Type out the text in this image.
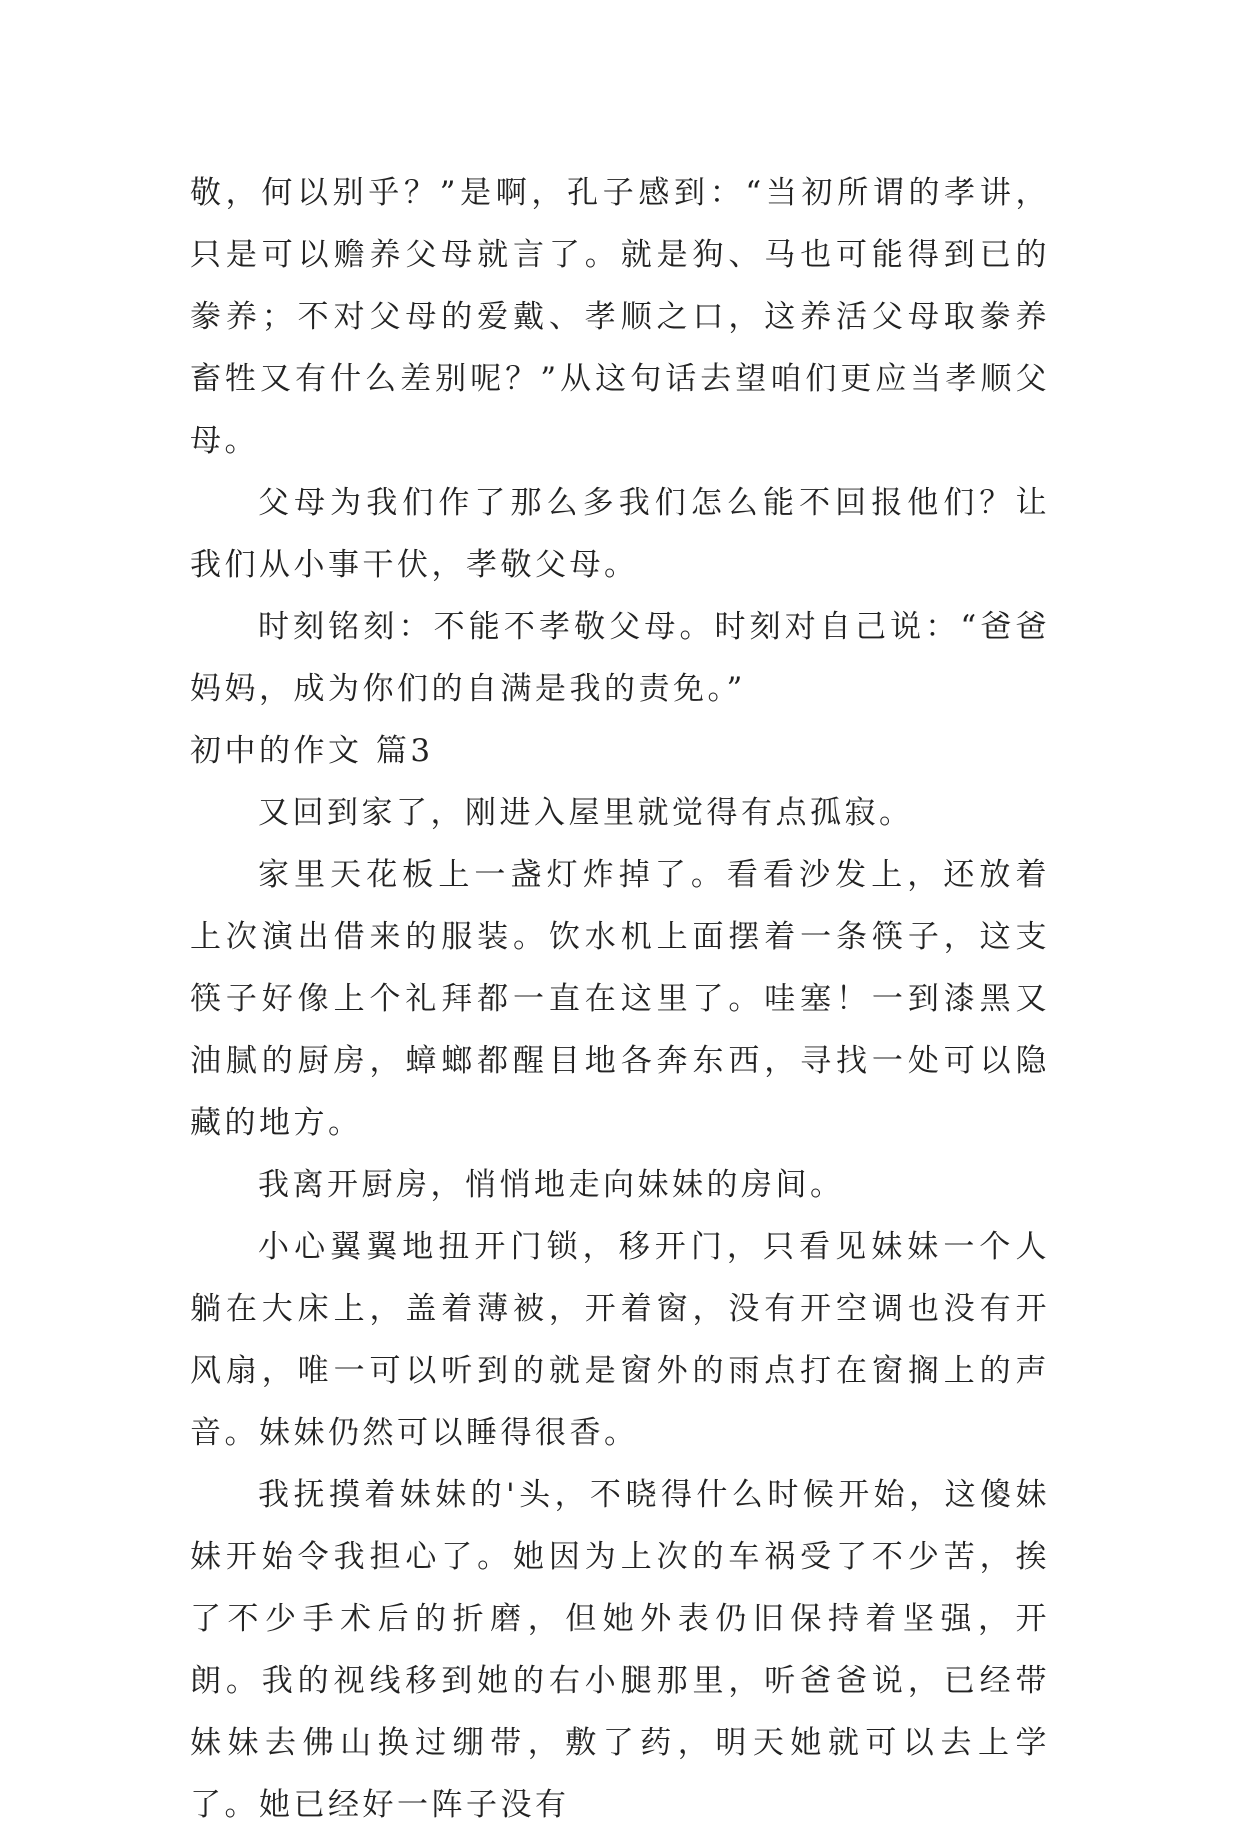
敬，何以别乎？”是啊，孔子感到：“当初所谓的孝讲，只是可以赡养父母就言了。就是狗、马也可能得到已的豢养；不对父母的爱戴、孝顺之口，这养活父母取豢养畜牲又有什么差别呢？”从这句话去望咱们更应当孝顺父母。

父母为我们作了那么多我们怎么能不回报他们？让我们从小事干伏，孝敬父母。

时刻铭刻：不能不孝敬父母。时刻对自己说：“爸爸妈妈，成为你们的自满是我的责免。”

初中的作文 篇3

又回到家了，刚进入屋里就觉得有点孤寂。

家里天花板上一盏灯炸掉了。看看沙发上，还放着上次演出借来的服装。饮水机上面摆着一条筷子，这支筷子好像上个礼拜都一直在这里了。哇塞！一到漆黑又油腻的厨房，蟑螂都醒目地各奔东西，寻找一处可以隐藏的地方。

我离开厨房，悄悄地走向妹妹的房间。

小心翼翼地扭开门锁，移开门，只看见妹妹一个人躺在大床上，盖着薄被，开着窗，没有开空调也没有开风扇，唯一可以听到的就是窗外的雨点打在窗搁上的声音。妹妹仍然可以睡得很香。

我抚摸着妹妹的'头，不晓得什么时候开始，这傻妹妹开始令我担心了。她因为上次的车祸受了不少苦，挨了不少手术后的折磨，但她外表仍旧保持着坚强，开朗。我的视线移到她的右小腿那里，听爸爸说，已经带妹妹去佛山换过绷带，敷了药，明天她就可以去上学了。她已经好一阵子没有
